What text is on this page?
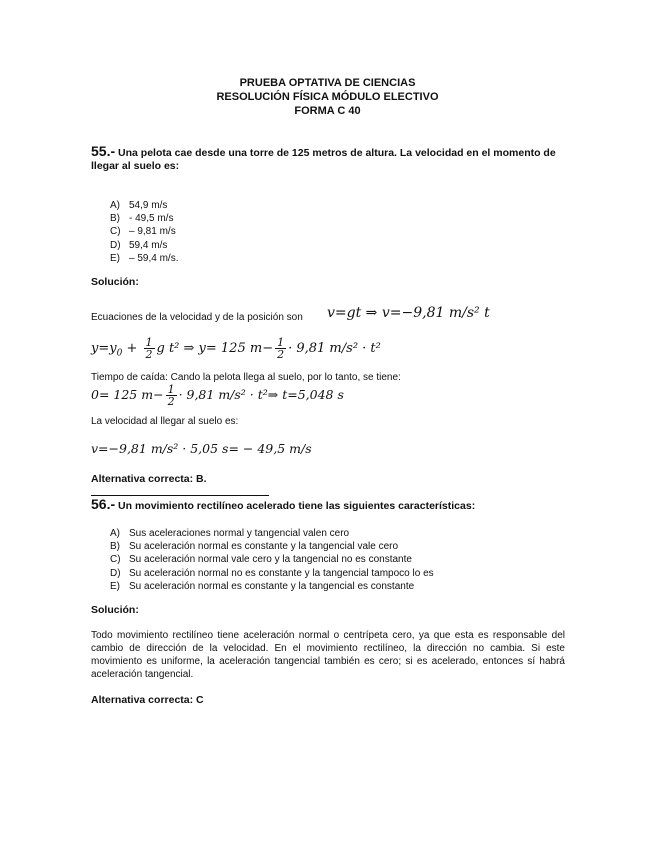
PRUEBA OPTATIVA DE CIENCIAS
RESOLUCIÓN FÍSICA MÓDULO ELECTIVO
FORMA C 40
55.- Una pelota cae desde una torre de 125 metros de altura. La velocidad en el momento de llegar al suelo es:
A) 54,9 m/s
B) - 49,5 m/s
C) – 9,81 m/s
D) 59,4 m/s
E) – 59,4 m/s.
Solución:
Ecuaciones de la velocidad y de la posición son v=gt ⇒ v=−9,81 m/s² t
$y=y_0 + \frac{1}{2}$ g t² ⇒ y= 125 $m- \frac{1}{2} \cdot 9,81$ m/s² · t²
Tiempo de caída: Cando la pelota llega al suelo, por lo tanto, se tiene:
0= 125 $m- \frac{1}{2} \cdot 9,81$ m/s² · t²⇒ t=5,048 s
La velocidad al llegar al suelo es:
v=−9,81 m/s² · 5,05 s= − 49,5 m/s
Alternativa correcta: B.
56.- Un movimiento rectilíneo acelerado tiene las siguientes características:
A) Sus aceleraciones normal y tangencial valen cero
B) Su aceleración normal es constante y la tangencial vale cero
C) Su aceleración normal vale cero y la tangencial no es constante
D) Su aceleración normal no es constante y la tangencial tampoco lo es
E) Su aceleración normal es constante y la tangencial es constante
Solución:
Todo movimiento rectilíneo tiene aceleración normal o centrípeta cero, ya que esta es responsable del cambio de dirección de la velocidad. En el movimiento rectilíneo, la dirección no cambia. Si este movimiento es uniforme, la aceleración tangencial también es cero; si es acelerado, entonces sí habrá aceleración tangencial.
Alternativa correcta: C
